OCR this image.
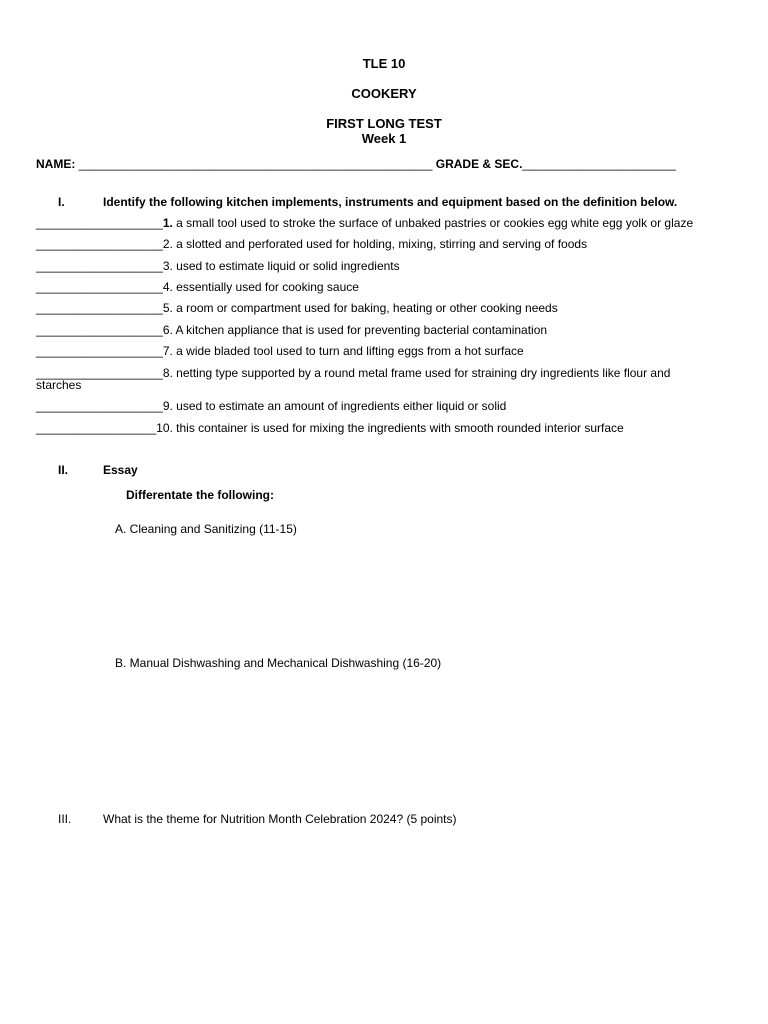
TLE 10
COOKERY
FIRST LONG TEST
Week 1
NAME: _____________________________________________________ GRADE & SEC._______________________
I.	Identify the following kitchen implements, instruments and equipment based on the definition below.
___________________1. a small tool used to stroke the surface of unbaked pastries or cookies egg white egg yolk or glaze
___________________2. a slotted and perforated used for holding, mixing, stirring and serving of foods
___________________3. used to estimate liquid or solid ingredients
___________________4. essentially used for cooking sauce
___________________5. a room or compartment used for baking, heating or other cooking needs
___________________6. A kitchen appliance that is used for preventing bacterial contamination
___________________7. a wide bladed tool used to turn and lifting eggs from a hot surface
___________________8. netting type supported by a round metal frame used for straining dry ingredients like flour and
starches
___________________9. used to estimate an amount of ingredients either liquid or solid
__________________10. this container is used for mixing the ingredients with smooth rounded interior surface
II.	Essay
Differentate the following:
A. Cleaning and Sanitizing (11-15)
B. Manual Dishwashing and Mechanical Dishwashing (16-20)
III.	What is the theme for Nutrition Month Celebration 2024? (5 points)
